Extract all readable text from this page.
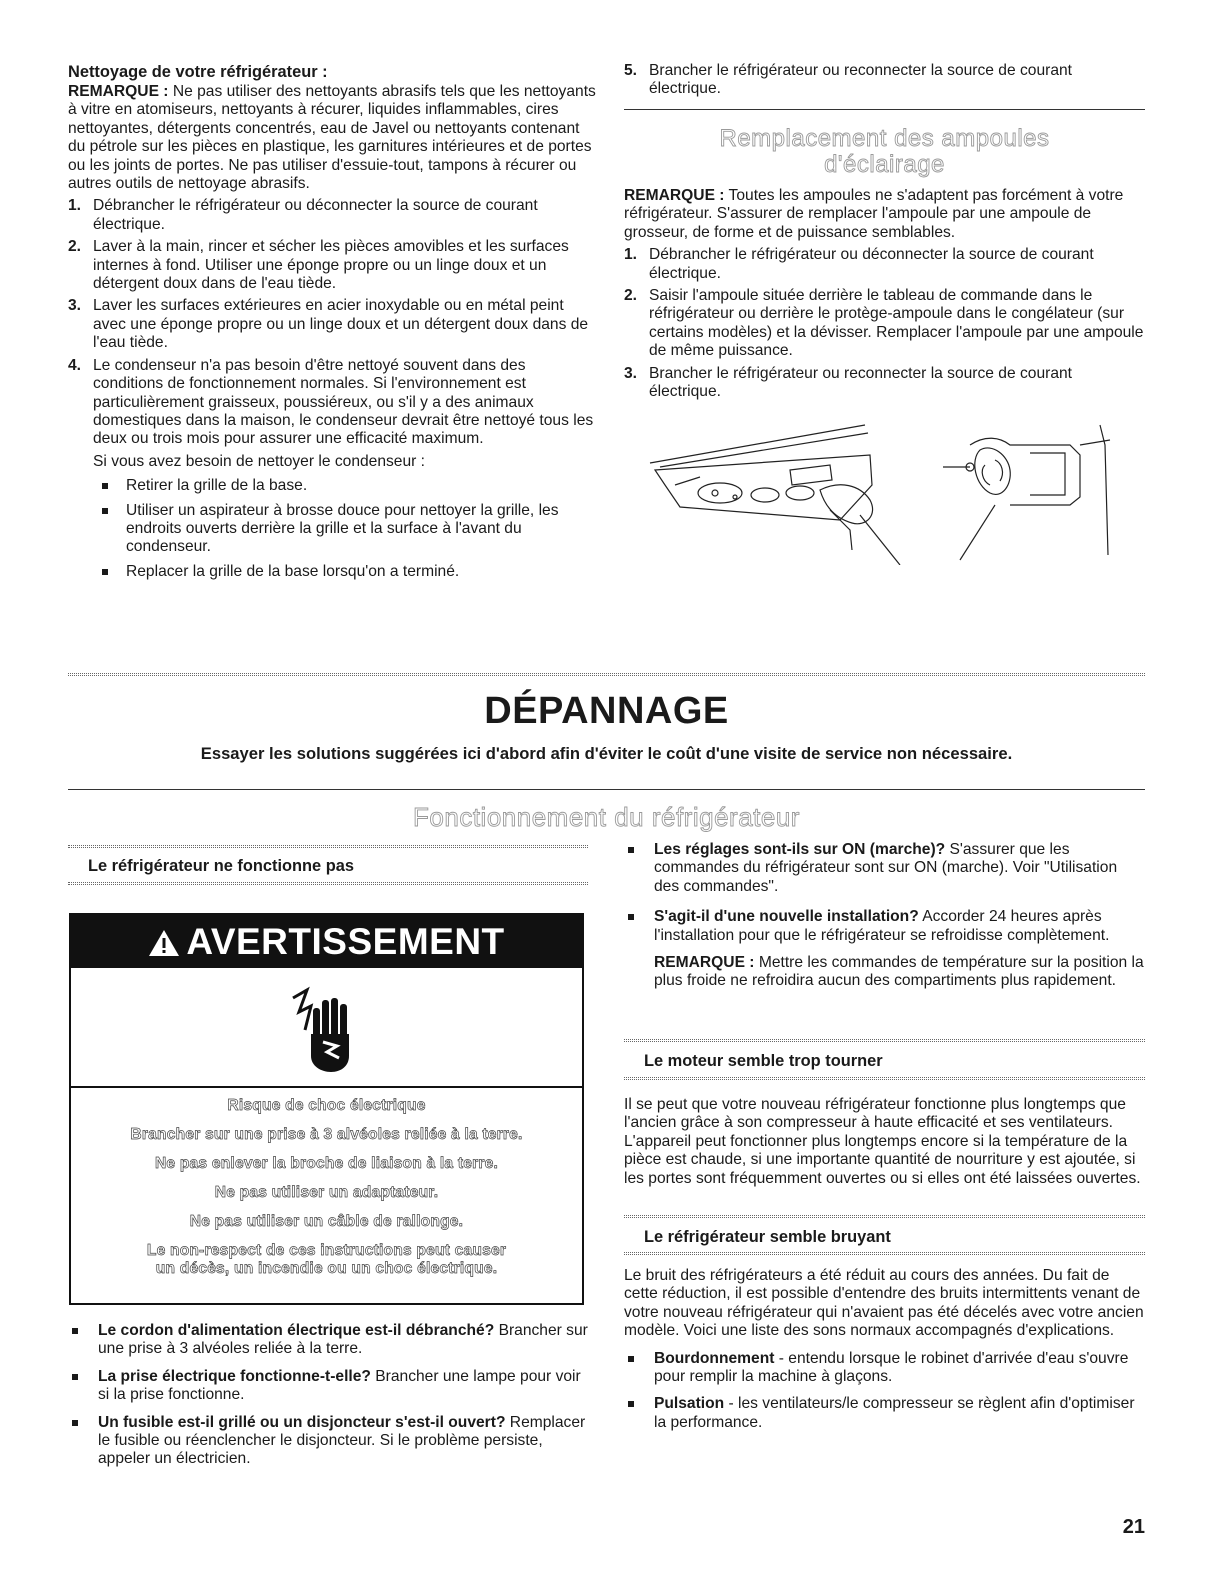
Nettoyage de votre réfrigérateur :

REMARQUE : Ne pas utiliser des nettoyants abrasifs tels que les nettoyants à vitre en atomiseurs, nettoyants à récurer, liquides inflammables, cires nettoyantes, détergents concentrés, eau de Javel ou nettoyants contenant du pétrole sur les pièces en plastique, les garnitures intérieures et de portes ou les joints de portes. Ne pas utiliser d'essuie-tout, tampons à récurer ou autres outils de nettoyage abrasifs.

1. Débrancher le réfrigérateur ou déconnecter la source de courant électrique.
2. Laver à la main, rincer et sécher les pièces amovibles et les surfaces internes à fond. Utiliser une éponge propre ou un linge doux et un détergent doux dans de l'eau tiède.
3. Laver les surfaces extérieures en acier inoxydable ou en métal peint avec une éponge propre ou un linge doux et un détergent doux dans de l'eau tiède.
4. Le condenseur n'a pas besoin d'être nettoyé souvent dans des conditions de fonctionnement normales. Si l'environnement est particulièrement graisseux, poussiéreux, ou s'il y a des animaux domestiques dans la maison, le condenseur devrait être nettoyé tous les deux ou trois mois pour assurer une efficacité maximum.
Si vous avez besoin de nettoyer le condenseur :
Retirer la grille de la base.
Utiliser un aspirateur à brosse douce pour nettoyer la grille, les endroits ouverts derrière la grille et la surface à l'avant du condenseur.
Replacer la grille de la base lorsqu'on a terminé.
5. Brancher le réfrigérateur ou reconnecter la source de courant électrique.
Remplacement des ampoules
d'éclairage

REMARQUE : Toutes les ampoules ne s'adaptent pas forcément à votre réfrigérateur. S'assurer de remplacer l'ampoule par une ampoule de grosseur, de forme et de puissance semblables.

1. Débrancher le réfrigérateur ou déconnecter la source de courant électrique.
2. Saisir l'ampoule située derrière le tableau de commande dans le réfrigérateur ou derrière le protège-ampoule dans le congélateur (sur certains modèles) et la dévisser. Remplacer l'ampoule par une ampoule de même puissance.
3. Brancher le réfrigérateur ou reconnecter la source de courant électrique.
DÉPANNAGE
Essayer les solutions suggérées ici d'abord afin d'éviter le coût d'une visite de service non nécessaire.
Fonctionnement du réfrigérateur
Le réfrigérateur ne fonctionne pas
AVERTISSEMENT

Risque de choc électrique

Brancher sur une prise à 3 alvéoles reliée à la terre.

Ne pas enlever la broche de liaison à la terre.

Ne pas utiliser un adaptateur.

Ne pas utiliser un câble de rallonge.

Le non-respect de ces instructions peut causer

un décès, un incendie ou un choc électrique.

Le cordon d'alimentation électrique est-il débranché? Brancher sur une prise à 3 alvéoles reliée à la terre.
La prise électrique fonctionne-t-elle? Brancher une lampe pour voir si la prise fonctionne.
Un fusible est-il grillé ou un disjoncteur s'est-il ouvert? Remplacer le fusible ou réenclencher le disjoncteur. Si le problème persiste, appeler un électricien.
Les réglages sont-ils sur ON (marche)? S'assurer que les commandes du réfrigérateur sont sur ON (marche). Voir "Utilisation des commandes".
S'agit-il d'une nouvelle installation? Accorder 24 heures après l'installation pour que le réfrigérateur se refroidisse complètement.

REMARQUE : Mettre les commandes de température sur la position la plus froide ne refroidira aucun des compartiments plus rapidement.

Le moteur semble trop tourner

Il se peut que votre nouveau réfrigérateur fonctionne plus longtemps que l'ancien grâce à son compresseur à haute efficacité et ses ventilateurs. L'appareil peut fonctionner plus longtemps encore si la température de la pièce est chaude, si une importante quantité de nourriture y est ajoutée, si les portes sont fréquemment ouvertes ou si elles ont été laissées ouvertes.

Le réfrigérateur semble bruyant

Le bruit des réfrigérateurs a été réduit au cours des années. Du fait de cette réduction, il est possible d'entendre des bruits intermittents venant de votre nouveau réfrigérateur qui n'avaient pas été décelés avec votre ancien modèle. Voici une liste des sons normaux accompagnés d'explications.

Bourdonnement - entendu lorsque le robinet d'arrivée d'eau s'ouvre pour remplir la machine à glaçons.
Pulsation - les ventilateurs/le compresseur se règlent afin d'optimiser la performance.
21
